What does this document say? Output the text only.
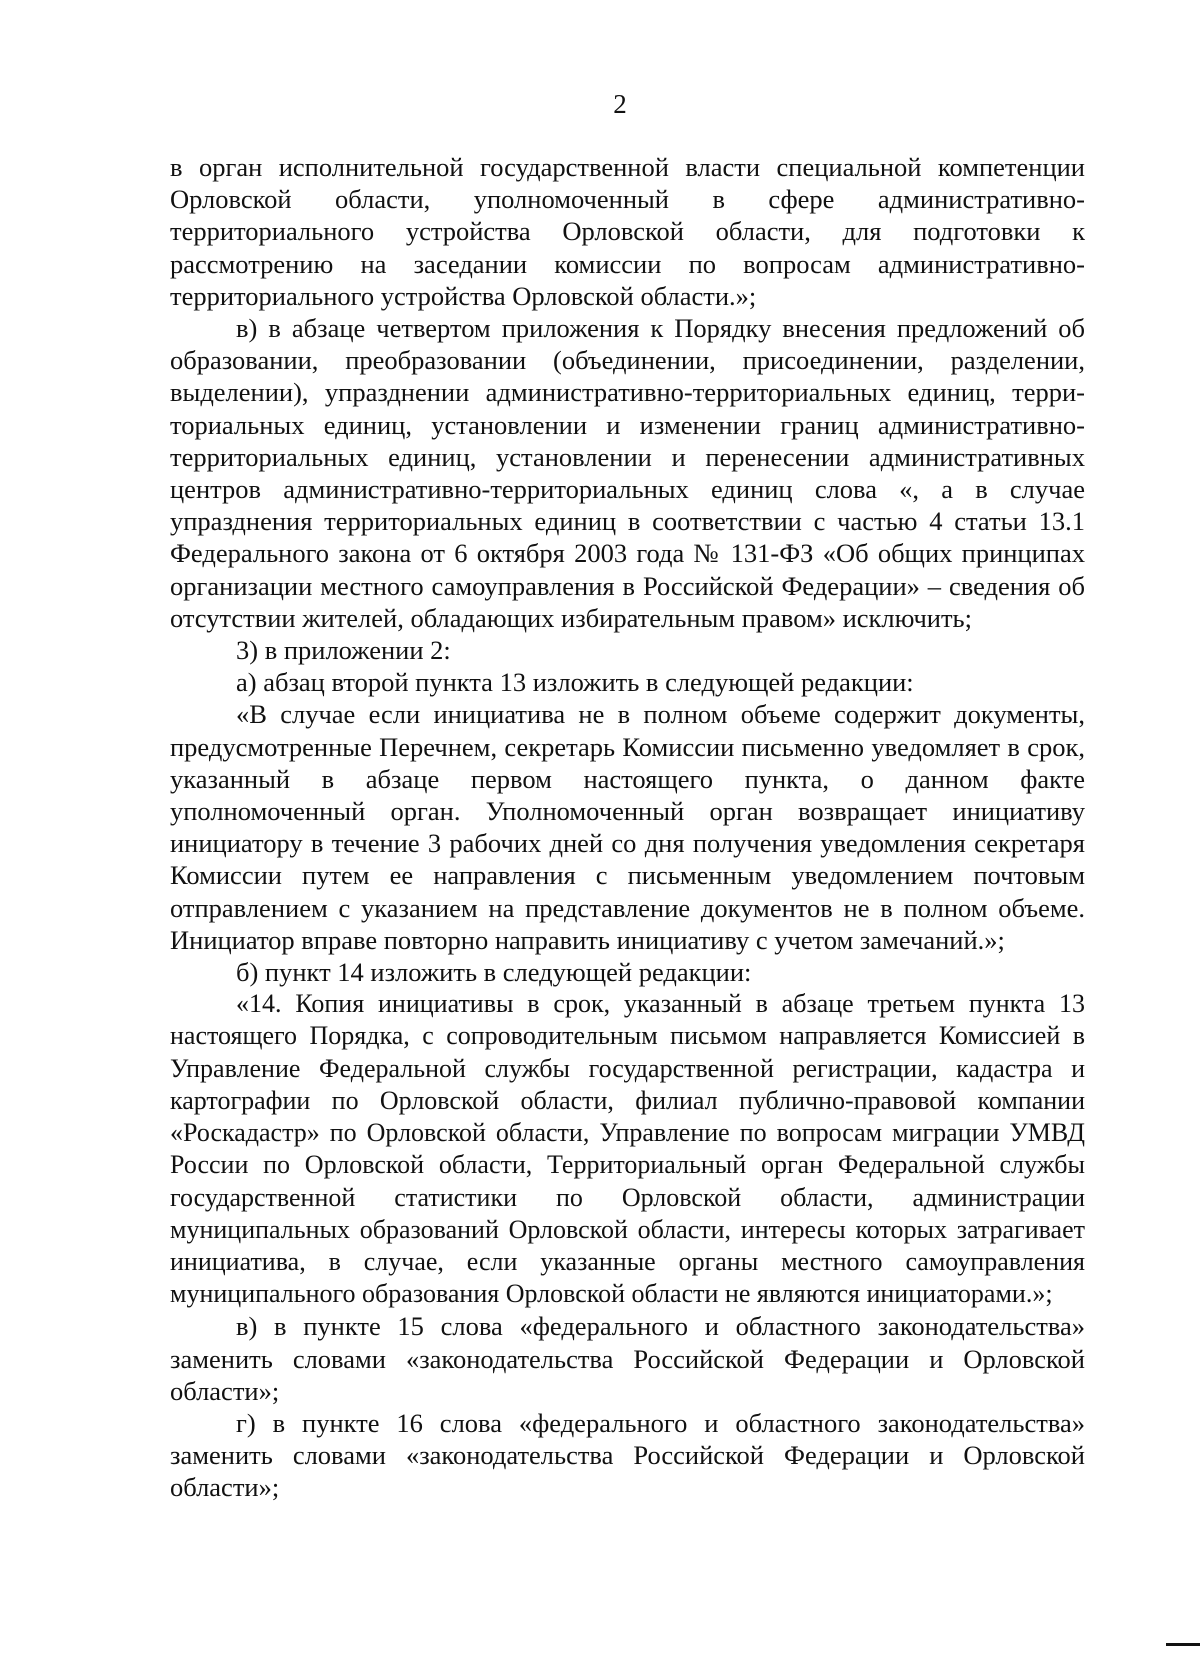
2

в орган исполнительной государственной власти специальной компетенции Орловской области, уполномоченный в сфере административно-территориального устройства Орловской области, для подготовки к рассмотрению на заседании комиссии по вопросам административно-территориального устройства Орловской области.»;

в) в абзаце четвертом приложения к Порядку внесения предложений об образовании, преобразовании (объединении, присоединении, разделении, выделении), упразднении административно-территориальных единиц, территориальных единиц, установлении и изменении границ административно-территориальных единиц, установлении и перенесении административных центров административно-территориальных единиц слова «, а в случае упразднения территориальных единиц в соответствии с частью 4 статьи 13.1 Федерального закона от 6 октября 2003 года № 131-ФЗ «Об общих принципах организации местного самоуправления в Российской Федерации» – сведения об отсутствии жителей, обладающих избирательным правом» исключить;

3) в приложении 2:

а) абзац второй пункта 13 изложить в следующей редакции:

«В случае если инициатива не в полном объеме содержит документы, предусмотренные Перечнем, секретарь Комиссии письменно уведомляет в срок, указанный в абзаце первом настоящего пункта, о данном факте уполномоченный орган. Уполномоченный орган возвращает инициативу инициатору в течение 3 рабочих дней со дня получения уведомления секретаря Комиссии путем ее направления с письменным уведомлением почтовым отправлением с указанием на представление документов не в полном объеме. Инициатор вправе повторно направить инициативу с учетом замечаний.»;

б) пункт 14 изложить в следующей редакции:

«14. Копия инициативы в срок, указанный в абзаце третьем пункта 13 настоящего Порядка, с сопроводительным письмом направляется Комиссией в Управление Федеральной службы государственной регистрации, кадастра и картографии по Орловской области, филиал публично-правовой компании «Роскадастр» по Орловской области, Управление по вопросам миграции УМВД России по Орловской области, Территориальный орган Федеральной службы государственной статистики по Орловской области, администрации муниципальных образований Орловской области, интересы которых затрагивает инициатива, в случае, если указанные органы местного самоуправления муниципального образования Орловской области не являются инициаторами.»;

в) в пункте 15 слова «федерального и областного законодательства» заменить словами «законодательства Российской Федерации и Орловской области»;

г) в пункте 16 слова «федерального и областного законодательства» заменить словами «законодательства Российской Федерации и Орловской области»;
